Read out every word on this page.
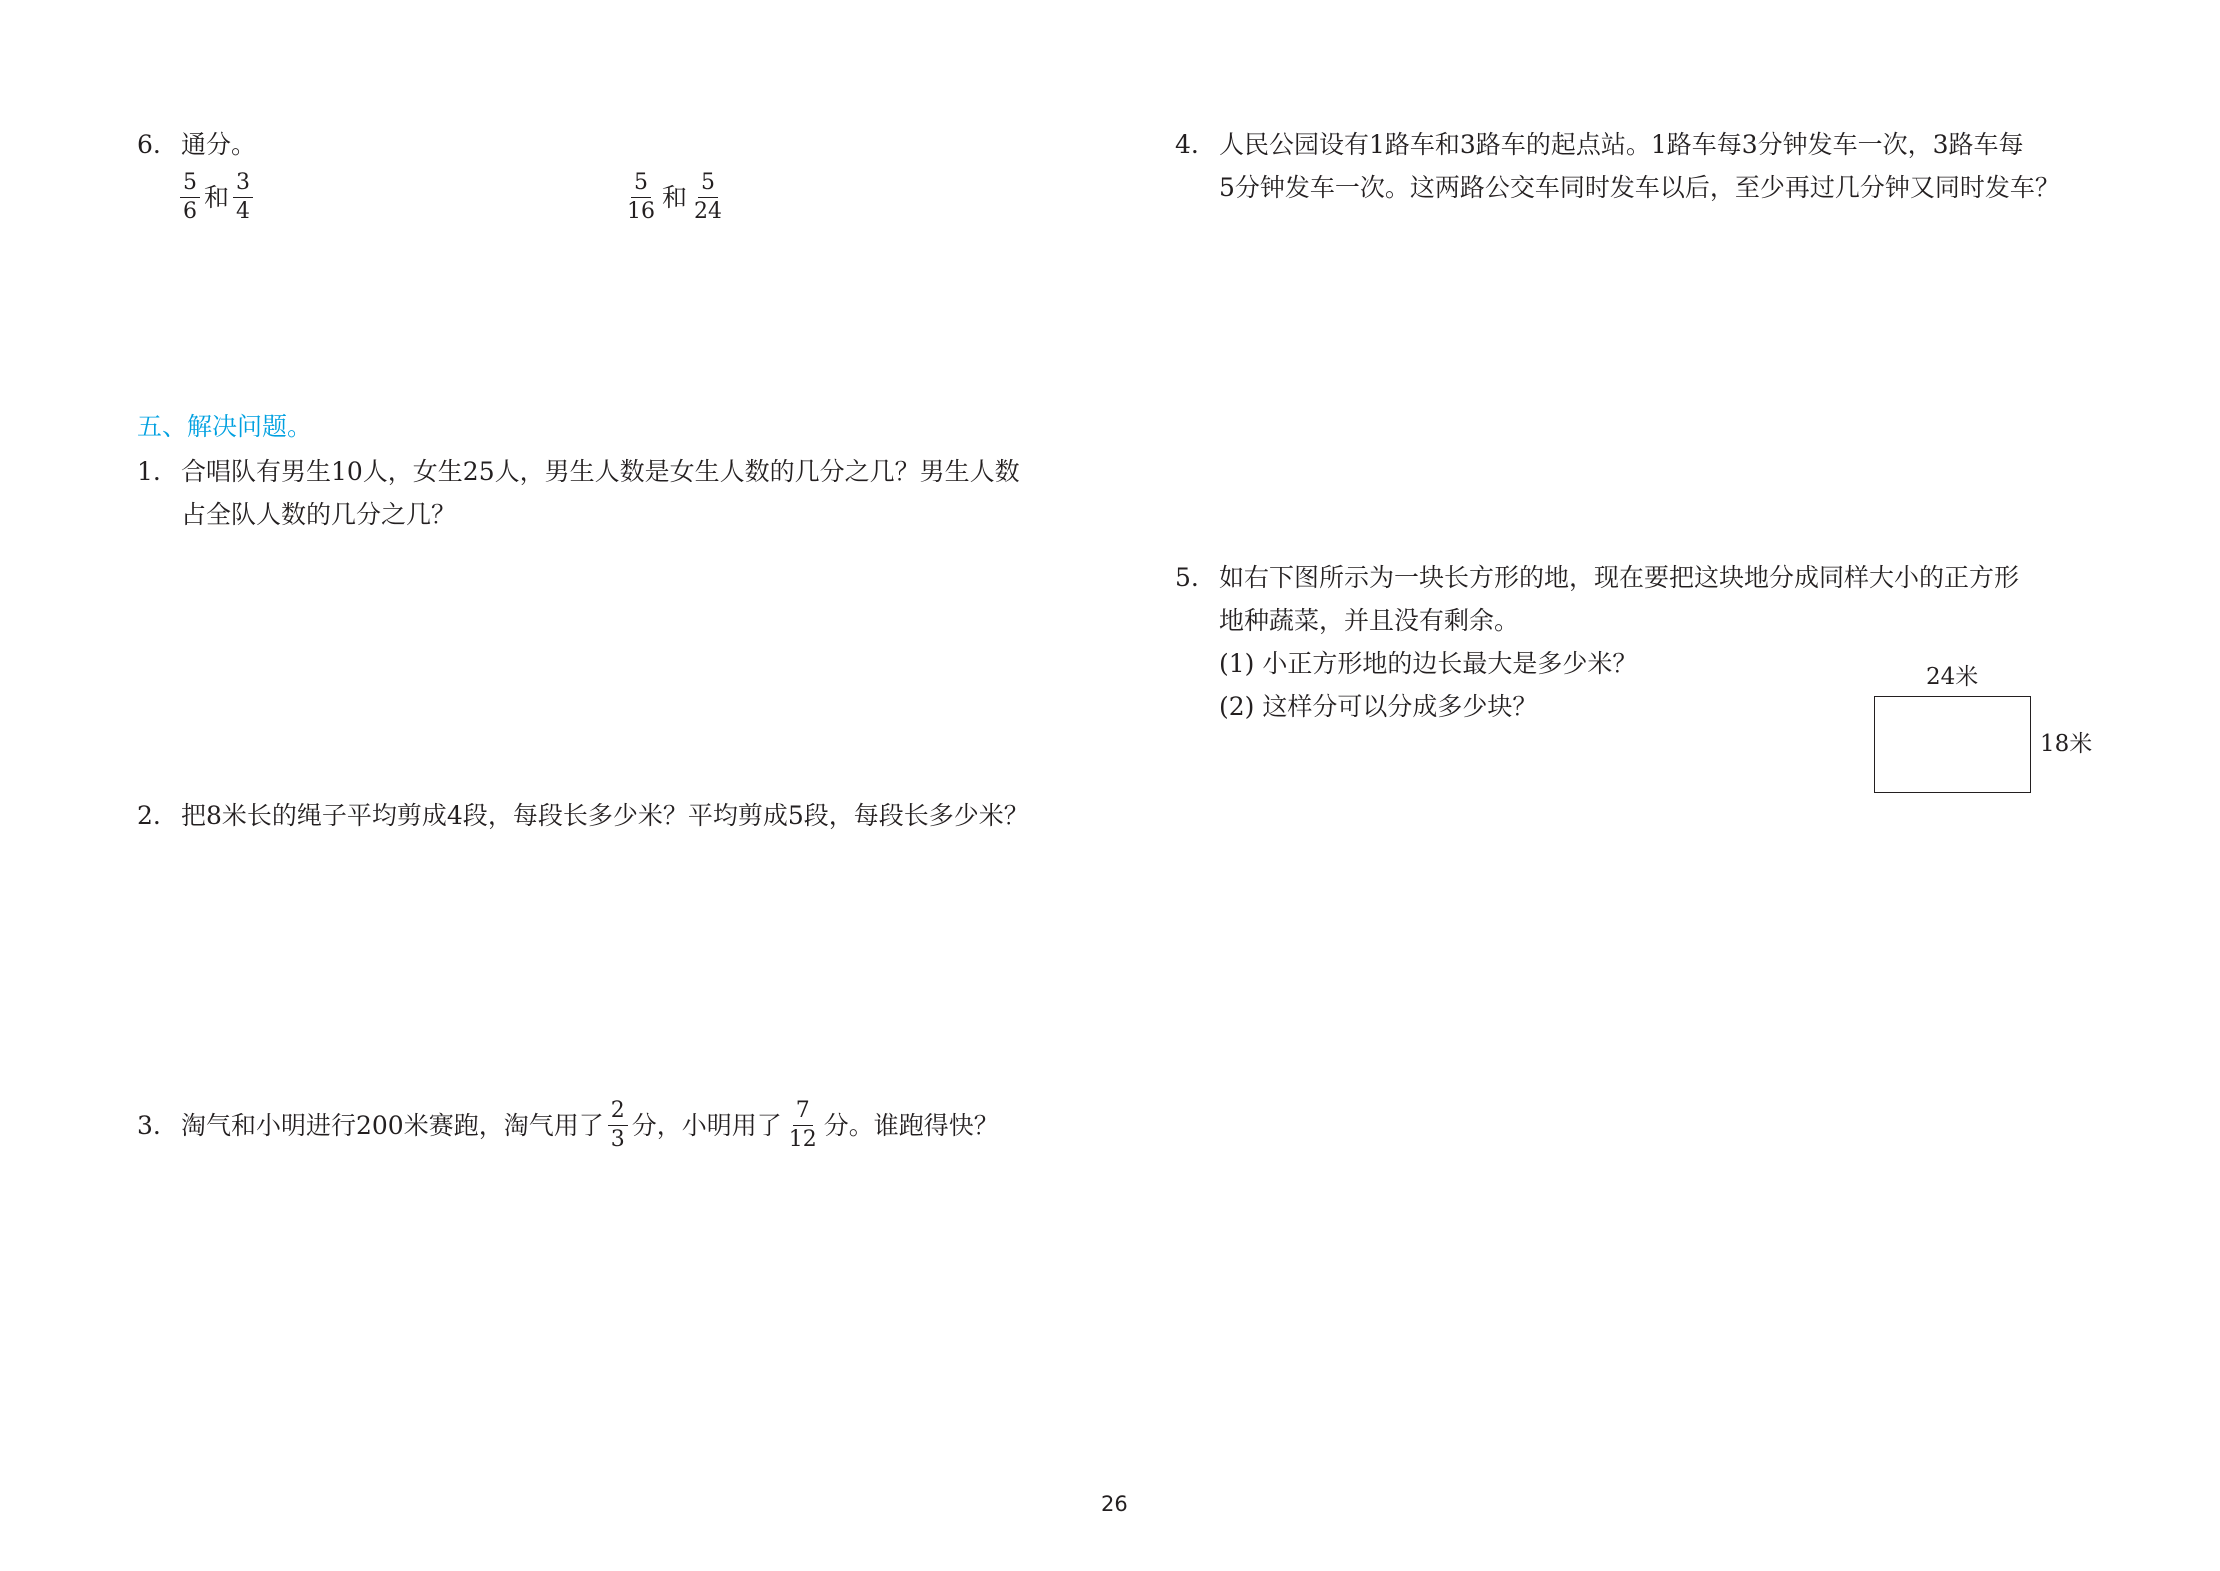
6. 通分。
$\frac{5}{6}$ 和 $\frac{3}{4}$	$\frac{5}{16}$ 和 $\frac{5}{24}$
五、解决问题。
1. 合唱队有男生10人，女生25人，男生人数是女生人数的几分之几？男生人数
占全队人数的几分之几？
2. 把8米长的绳子平均剪成4段，每段长多少米？平均剪成5段，每段长多少米？
3. 淘气和小明进行200米赛跑，淘气用了 $\frac{2}{3}$ 分，小明用了 $\frac{7}{12}$ 分。谁跑得快？
4. 人民公园设有1路车和3路车的起点站。1路车每3分钟发车一次，3路车每
5分钟发车一次。这两路公交车同时发车以后，至少再过几分钟又同时发车？
5. 如右下图所示为一块长方形的地，现在要把这块地分成同样大小的正方形
地种蔬菜，并且没有剩余。
(1) 小正方形地的边长最大是多少米？
(2) 这样分可以分成多少块？
24米
18米
26
